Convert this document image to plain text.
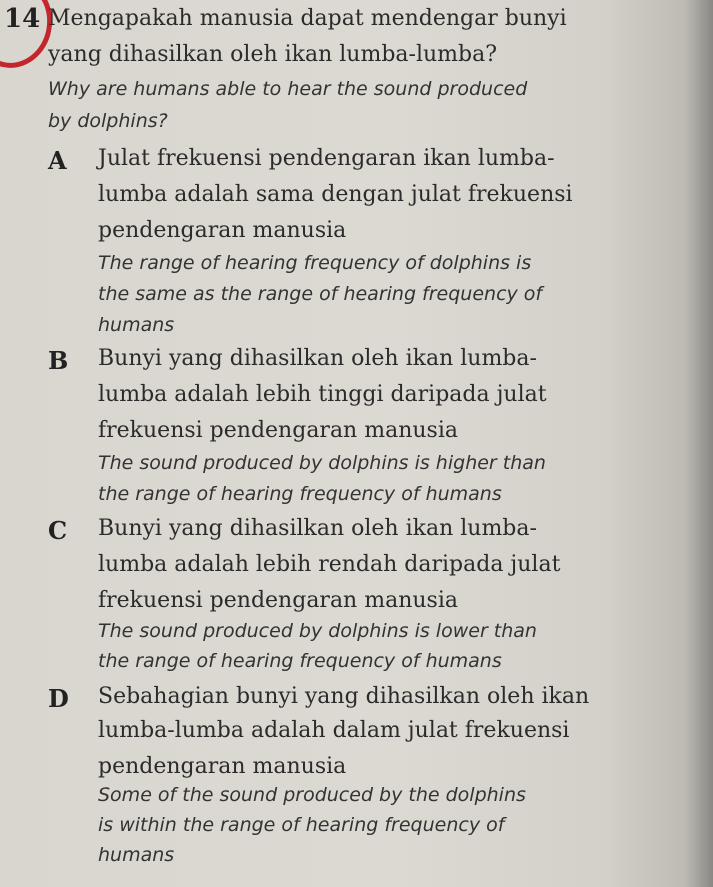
14 Mengapakah manusia dapat mendengar bunyi
yang dihasilkan oleh ikan lumba-lumba?
Why are humans able to hear the sound produced
by dolphins?
A Julat frekuensi pendengaran ikan lumba-
lumba adalah sama dengan julat frekuensi
pendengaran manusia
The range of hearing frequency of dolphins is
the same as the range of hearing frequency of
humans
B Bunyi yang dihasilkan oleh ikan lumba-
lumba adalah lebih tinggi daripada julat
frekuensi pendengaran manusia
The sound produced by dolphins is higher than
the range of hearing frequency of humans
C Bunyi yang dihasilkan oleh ikan lumba-
lumba adalah lebih rendah daripada julat
frekuensi pendengaran manusia
The sound produced by dolphins is lower than
the range of hearing frequency of humans
D Sebahagian bunyi yang dihasilkan oleh ikan
lumba-lumba adalah dalam julat frekuensi
pendengaran manusia
Some of the sound produced by the dolphins
is within the range of hearing frequency of
humans
